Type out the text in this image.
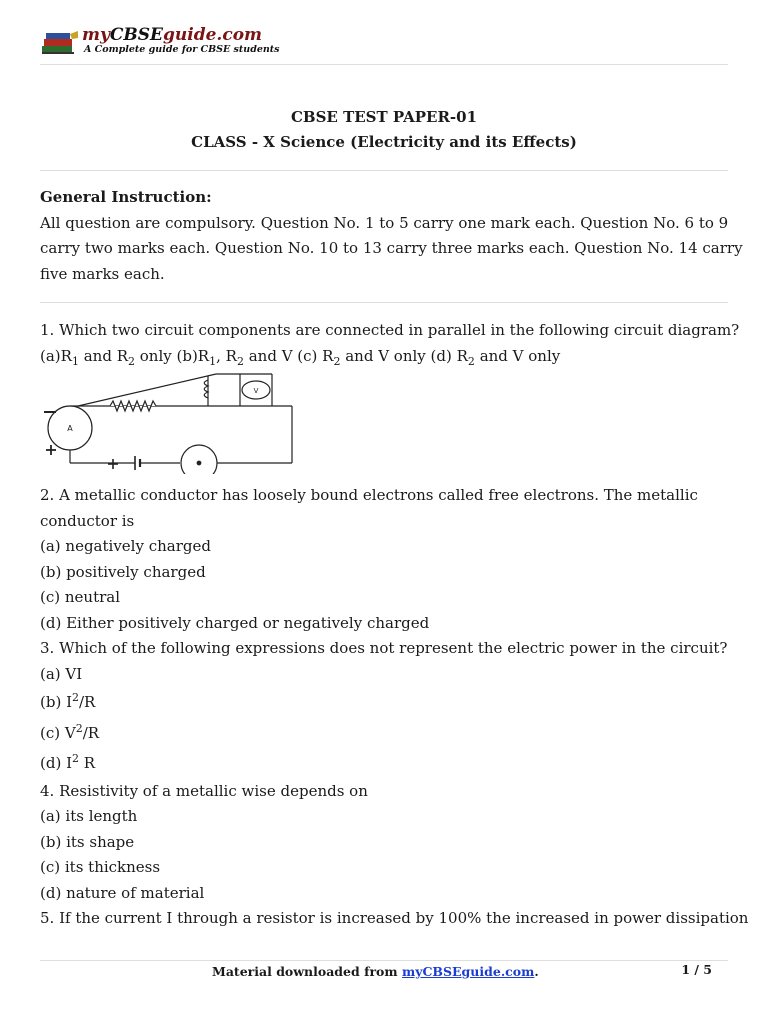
myCBSEguide.com
A Complete guide for CBSE students
CBSE TEST PAPER-01
CLASS - X Science (Electricity and its Effects)
General Instruction:
All question are compulsory. Question No. 1 to 5 carry one mark each. Question No. 6 to 9
carry two marks each. Question No. 10 to 13 carry three marks each. Question No. 14 carry
five marks each.
1. Which two circuit components are connected in parallel in the following circuit diagram?
$(a)R_1$ and $R_2$ only $(b)R_1$, $R_2$ and V (c) $R_2$ and V only (d) $R_2$ and V only
A
V
2. A metallic conductor has loosely bound electrons called free electrons. The metallic
conductor is
(a) negatively charged
(b) positively charged
(c) neutral
(d) Either positively charged or negatively charged
3. Which of the following expressions does not represent the electric power in the circuit?
(a) VI
(b) $I^2/R$
(c) $V^2/R$
(d) $I^2$ R
4. Resistivity of a metallic wise depends on
(a) its length
(b) its shape
(c) its thickness
(d) nature of material
5. If the current I through a resistor is increased by 100% the increased in power dissipation
Material downloaded from myCBSEguide.com.	1 / 5
